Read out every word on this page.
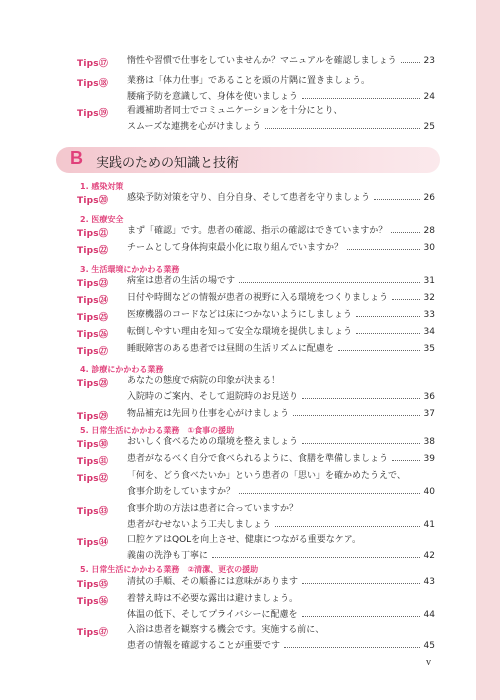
Tips⑰	惰性や習慣で仕事をしていませんか？マニュアルを確認しましょう	23
Tips⑱	業務は「体力仕事」であることを頭の片隅に置きましょう。
腰痛予防を意識して、身体を使いましょう	24
Tips⑲	看護補助者同士でコミュニケーションを十分にとり、
スムーズな連携を心がけましょう	25
B 実践のための知識と技術
1. 感染対策
Tips⑳	感染予防対策を守り、自分自身、そして患者を守りましょう	26
2. 医療安全
Tips㉑	まず「確認」です。患者の確認、指示の確認はできていますか？	28
Tips㉒	チームとして身体拘束最小化に取り組んでいますか？	30
3. 生活環境にかかわる業務
Tips㉓	病室は患者の生活の場です	31
Tips㉔	日付や時間などの情報が患者の視野に入る環境をつくりましょう	32
Tips㉕	医療機器のコードなどは床につかないようにしましょう	33
Tips㉖	転倒しやすい理由を知って安全な環境を提供しましょう	34
Tips㉗	睡眠障害のある患者では昼間の生活リズムに配慮を	35
4. 診療にかかわる業務
Tips㉘	あなたの態度で病院の印象が決まる！
入院時のご案内、そして退院時のお見送り	36
Tips㉙	物品補充は先回り仕事を心がけましょう	37
5. 日常生活にかかわる業務　①食事の援助
Tips㉚	おいしく食べるための環境を整えましょう	38
Tips㉛	患者がなるべく自分で食べられるように、食膳を準備しましょう	39
Tips㉜	「何を、どう食べたいか」という患者の「思い」を確かめたうえで、
食事介助をしていますか？	40
Tips㉝	食事介助の方法は患者に合っていますか？
患者がむせないよう工夫しましょう	41
Tips㉞	口腔ケアはQOLを向上させ、健康につながる重要なケア。
義歯の洗浄も丁寧に	42
5. 日常生活にかかわる業務　②清潔、更衣の援助
Tips㉟	清拭の手順、その順番には意味があります	43
Tips㊱	着替え時は不必要な露出は避けましょう。
体温の低下、そしてプライバシーに配慮を	44
Tips㊲	入浴は患者を観察する機会です。実施する前に、
患者の情報を確認することが重要です	45
v
